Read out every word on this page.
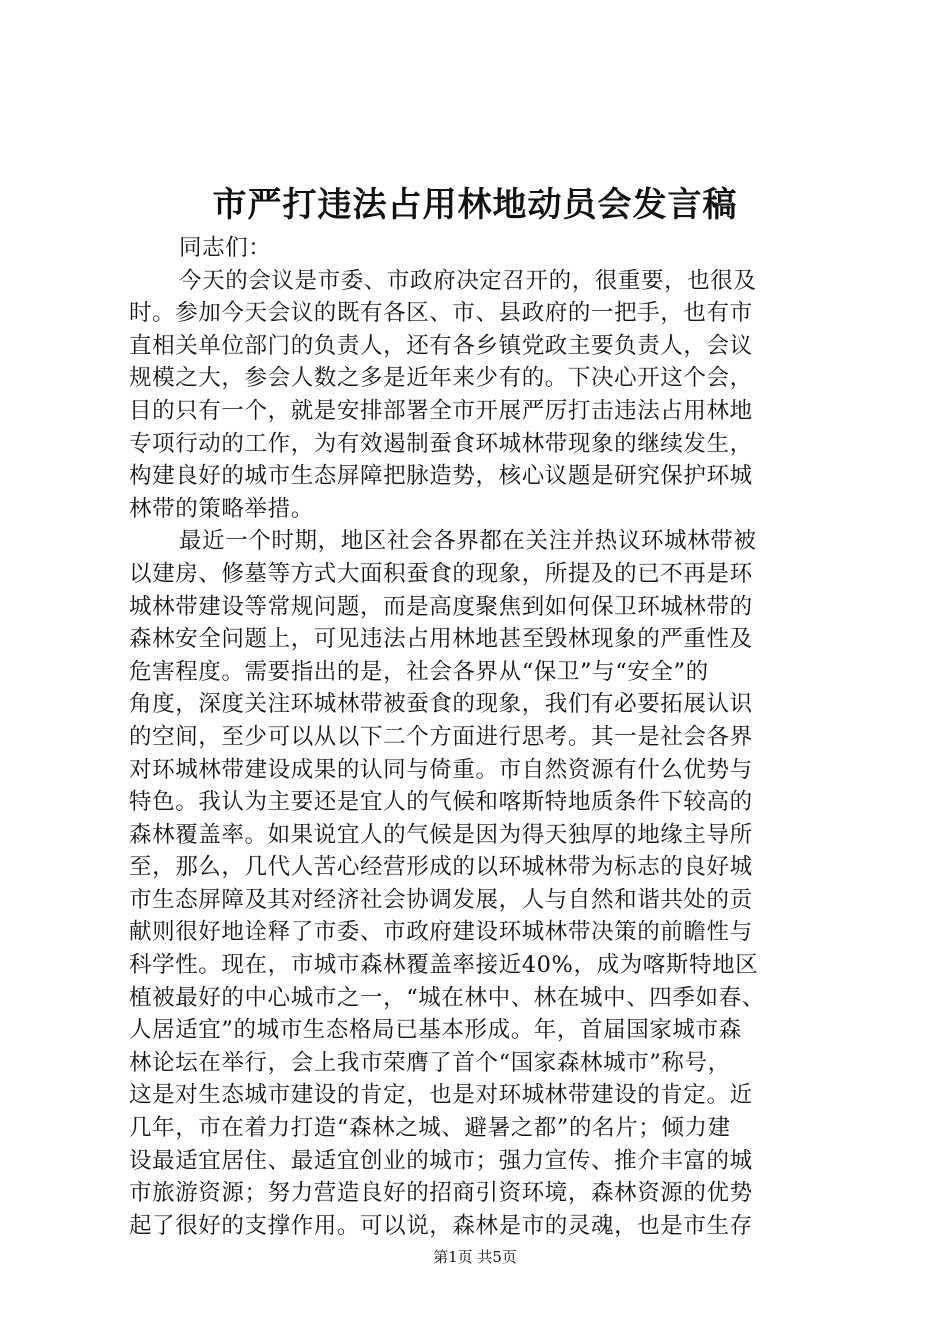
市严打违法占用林地动员会发言稿
同志们：
今天的会议是市委、市政府决定召开的，很重要，也很及
时。参加今天会议的既有各区、市、县政府的一把手，也有市
直相关单位部门的负责人，还有各乡镇党政主要负责人，会议
规模之大，参会人数之多是近年来少有的。下决心开这个会，
目的只有一个，就是安排部署全市开展严厉打击违法占用林地
专项行动的工作，为有效遏制蚕食环城林带现象的继续发生，
构建良好的城市生态屏障把脉造势，核心议题是研究保护环城
林带的策略举措。
最近一个时期，地区社会各界都在关注并热议环城林带被
以建房、修墓等方式大面积蚕食的现象，所提及的已不再是环
城林带建设等常规问题，而是高度聚焦到如何保卫环城林带的
森林安全问题上，可见违法占用林地甚至毁林现象的严重性及
危害程度。需要指出的是，社会各界从“保卫”与“安全”的
角度，深度关注环城林带被蚕食的现象，我们有必要拓展认识
的空间，至少可以从以下二个方面进行思考。其一是社会各界
对环城林带建设成果的认同与倚重。市自然资源有什么优势与
特色。我认为主要还是宜人的气候和喀斯特地质条件下较高的
森林覆盖率。如果说宜人的气候是因为得天独厚的地缘主导所
至，那么，几代人苦心经营形成的以环城林带为标志的良好城
市生态屏障及其对经济社会协调发展，人与自然和谐共处的贡
献则很好地诠释了市委、市政府建设环城林带决策的前瞻性与
科学性。现在，市城市森林覆盖率接近40%，成为喀斯特地区
植被最好的中心城市之一，“城在林中、林在城中、四季如春、
人居适宜”的城市生态格局已基本形成。年，首届国家城市森
林论坛在举行，会上我市荣膺了首个“国家森林城市”称号，
这是对生态城市建设的肯定，也是对环城林带建设的肯定。近
几年，市在着力打造“森林之城、避暑之都”的名片；倾力建
设最适宜居住、最适宜创业的城市；强力宣传、推介丰富的城
市旅游资源；努力营造良好的招商引资环境，森林资源的优势
起了很好的支撑作用。可以说，森林是市的灵魂，也是市生存
第1页 共5页
